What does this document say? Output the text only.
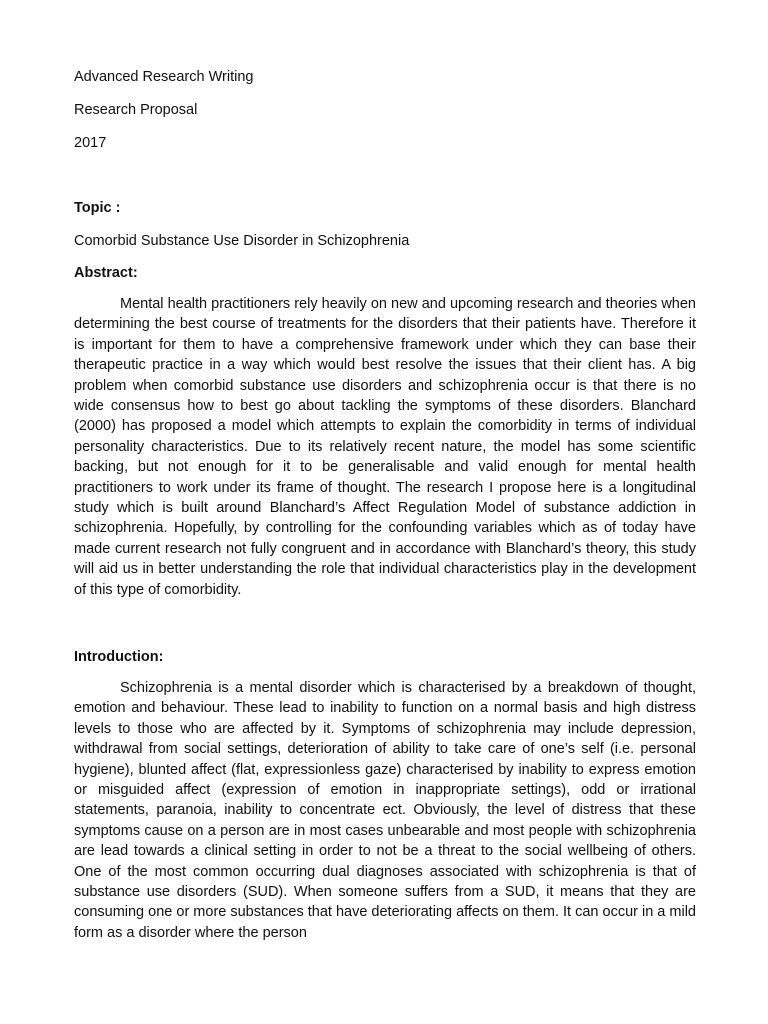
Advanced Research Writing
Research Proposal
2017
Topic :
Comorbid Substance Use Disorder in Schizophrenia
Abstract:

Mental health practitioners rely heavily on new and upcoming research and theories when determining the best course of treatments for the disorders that their patients have. Therefore it is important for them to have a comprehensive framework under which they can base their therapeutic practice in a way which would best resolve the issues that their client has. A big problem when comorbid substance use disorders and schizophrenia occur is that there is no wide consensus how to best go about tackling the symptoms of these disorders. Blanchard (2000) has proposed a model which attempts to explain the comorbidity in terms of individual personality characteristics. Due to its relatively recent nature, the model has some scientific backing, but not enough for it to be generalisable and valid enough for mental health practitioners to work under its frame of thought. The research I propose here is a longitudinal study which is built around Blanchard’s Affect Regulation Model of substance addiction in schizophrenia. Hopefully, by controlling for the confounding variables which as of today have made current research not fully congruent and in accordance with Blanchard’s theory, this study will aid us in better understanding the role that individual characteristics play in the development of this type of comorbidity.

Introduction:

Schizophrenia is a mental disorder which is characterised by a breakdown of thought, emotion and behaviour. These lead to inability to function on a normal basis and high distress levels to those who are affected by it. Symptoms of schizophrenia may include depression, withdrawal from social settings, deterioration of ability to take care of one’s self (i.e. personal hygiene), blunted affect (flat, expressionless gaze) characterised by inability to express emotion or misguided affect (expression of emotion in inappropriate settings), odd or irrational statements, paranoia, inability to concentrate ect. Obviously, the level of distress that these symptoms cause on a person are in most cases unbearable and most people with schizophrenia are lead towards a clinical setting in order to not be a threat to the social wellbeing of others. One of the most common occurring dual diagnoses associated with schizophrenia is that of substance use disorders (SUD). When someone suffers from a SUD, it means that they are consuming one or more substances that have deteriorating affects on them. It can occur in a mild form as a disorder where the person
